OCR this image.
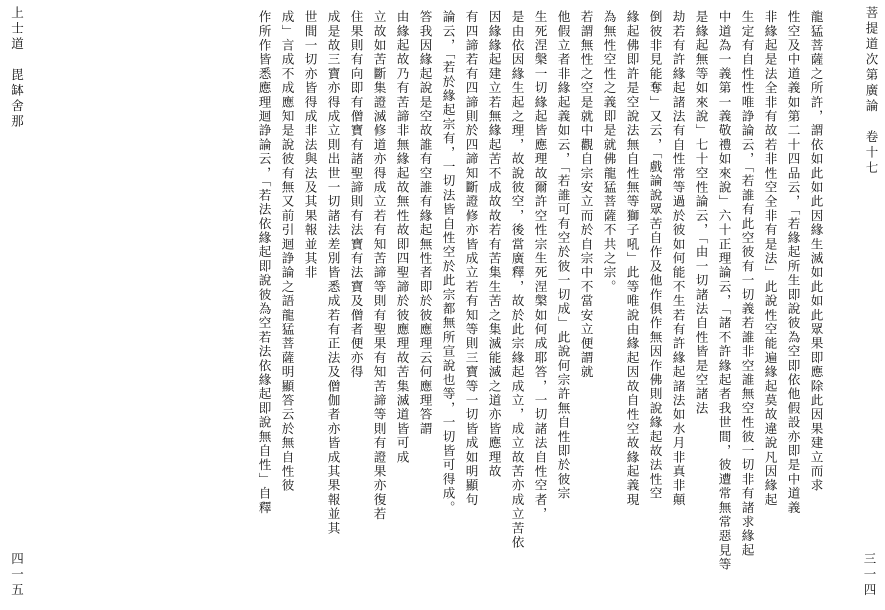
菩提道次第廣論　卷十七
三一四
上士道　毘缽舍那
四一五
龍猛菩薩之所許，謂依如此如此因緣生滅如此如此眾果即應除此因果建立而求
性空及中道義如第二十四品云，「若緣起所生即說彼為空即依他假設亦即是中道義
非緣起是法全非有故若非性空全非有是法」此說性空能遍緣起莫故違說凡因緣起
生定有自性性唯諍論云，「若誰有此空彼有一切義若誰非空誰無空性彼一切非有諸求緣起
中道為一義第一義敬禮如來說」六十正理論云，「諸不許緣起者我世間，彼遭常無常惡見等
是緣起無等如來說」七十空性論云，「由一切諸法自性皆是空諸法
劫若有許緣起諸法有自性常等過於彼如何能不生若有許緣起諸法如水月非真非顛
倒彼非見能奪」又云，「戲論說眾苦自作及他作俱作無因作佛則說緣起故法性空
緣起佛即許是空說法無自性無等獅子吼」此等唯說由緣起因故自性空故緣起義現
為無性空性之義即是就佛龍猛菩薩不共之宗。
若謂無性之空是就中觀自宗安立而於自宗中不當安立便謂就
他假立者非緣起義如云，「若誰可有空於彼一切成」此說何宗許無自性即於彼宗
生死涅槃一切緣起皆應理故爾許空性宗生死涅槃如何成耶答，一切諸法自性空者，
是由依因緣生起之理，故說彼空，後當廣釋，故於此宗緣起成立，成立故苦亦成立苦依
因緣緣起建立若無緣起苦不成故故若有苦集生苦之集滅能滅之道亦皆應理故
有四諦若有四諦則於四諦知斷證修亦皆成立若有知等則三寶等一切皆成如明顯句
論云，「若於緣起宗有，一切法皆自性空於此宗都無所宣說也等，一切皆可得成。
答我因緣起說是空故誰有空誰有緣起無性者即於彼應理云何應理答謂
由緣起故乃有苦諦非無緣起故無性故即四聖諦於彼應理故苦集滅道皆可成
立故如苦斷集證滅修道亦得成立若有知苦諦等則有聖果有知苦諦等則有證果亦復若
住果則有向即有僧寶有諸聖諦則有法寶有法寶及僧者便亦得
成是故三寶亦得成立則出世一切諸法差別皆悉成若有正法及僧伽者亦皆成其果報並其
世間一切亦皆得成非法與法及其果報並其非
成」言成不成應知是說彼有無又前引迴諍論之語龍猛菩薩明顯答云於無自性彼
作所作皆悉應理迴諍論云，「若法依緣起即說彼為空若法依緣起即說無自性」自釋
